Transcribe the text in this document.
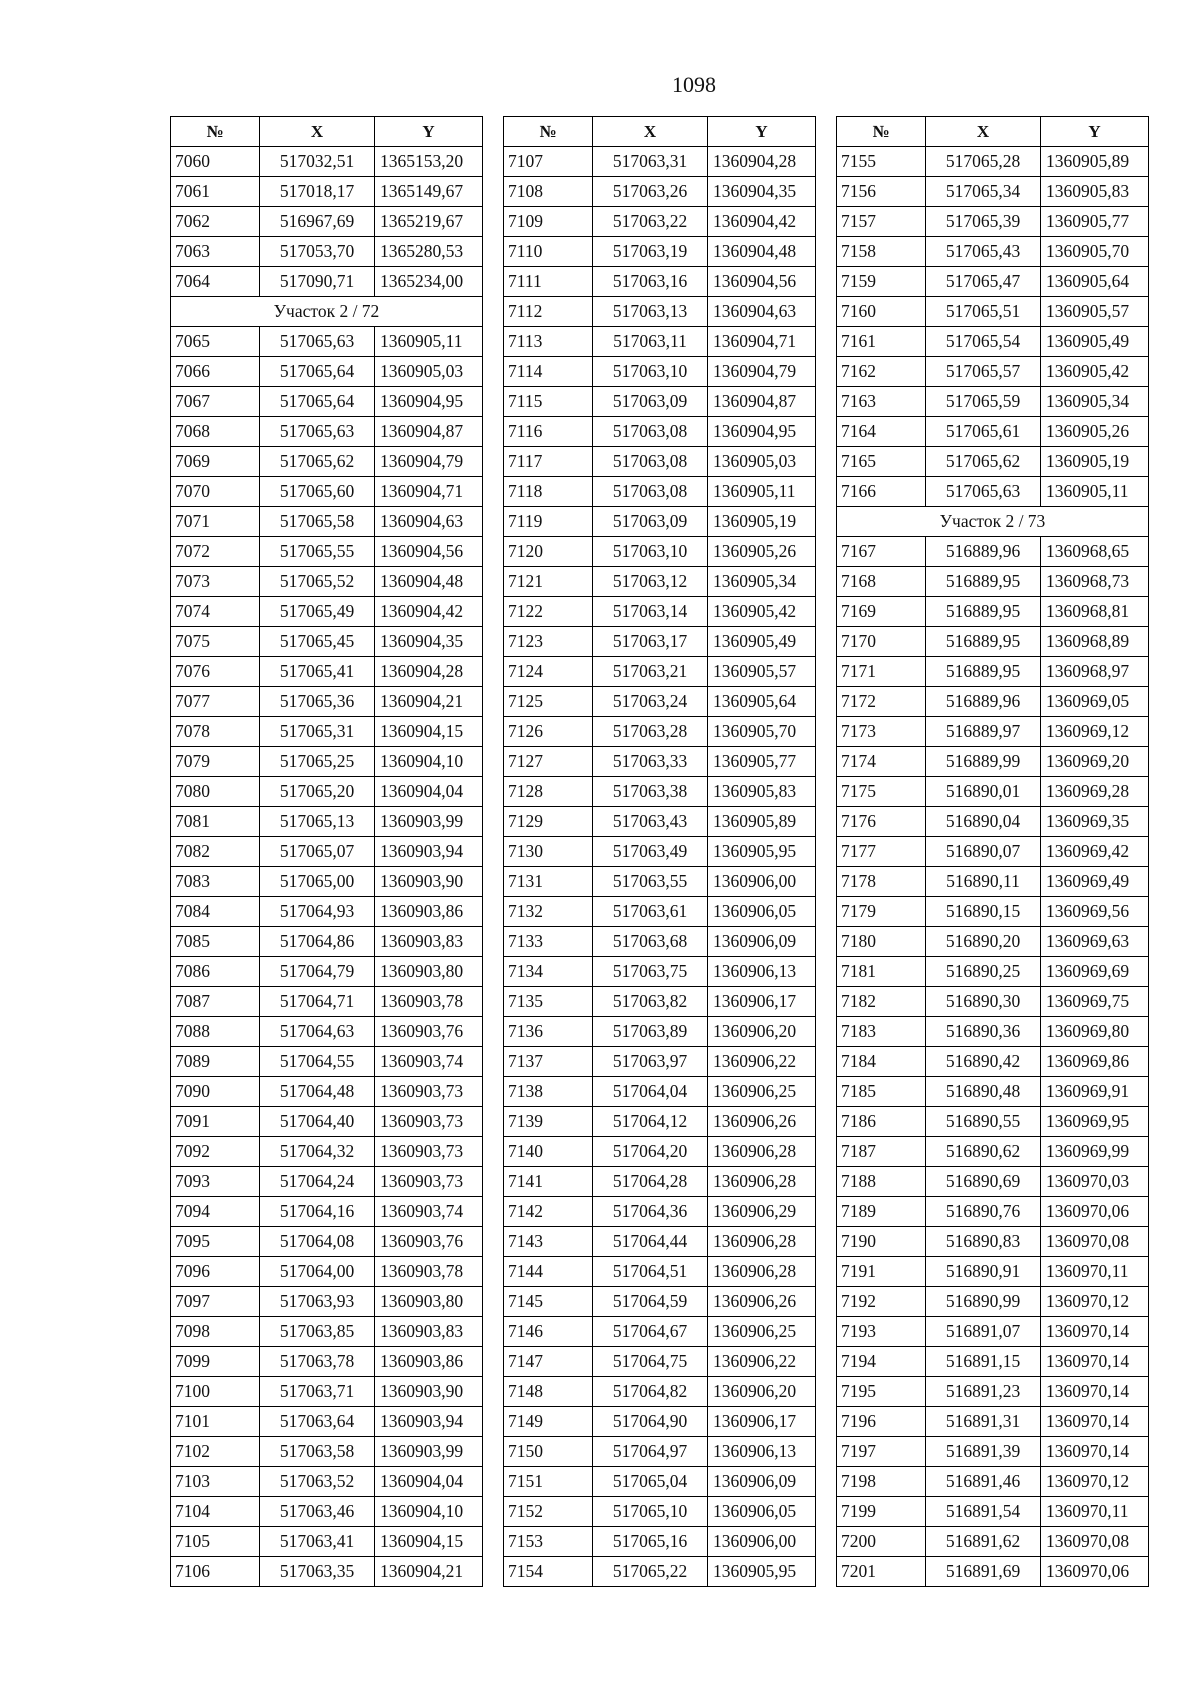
1098
№	X	Y
7060	517032,51	1365153,20
7061	517018,17	1365149,67
7062	516967,69	1365219,67
7063	517053,70	1365280,53
7064	517090,71	1365234,00
Участок 2 / 72		
7065	517065,63	1360905,11
7066	517065,64	1360905,03
7067	517065,64	1360904,95
7068	517065,63	1360904,87
7069	517065,62	1360904,79
7070	517065,60	1360904,71
7071	517065,58	1360904,63
7072	517065,55	1360904,56
7073	517065,52	1360904,48
7074	517065,49	1360904,42
7075	517065,45	1360904,35
7076	517065,41	1360904,28
7077	517065,36	1360904,21
7078	517065,31	1360904,15
7079	517065,25	1360904,10
7080	517065,20	1360904,04
7081	517065,13	1360903,99
7082	517065,07	1360903,94
7083	517065,00	1360903,90
7084	517064,93	1360903,86
7085	517064,86	1360903,83
7086	517064,79	1360903,80
7087	517064,71	1360903,78
7088	517064,63	1360903,76
7089	517064,55	1360903,74
7090	517064,48	1360903,73
7091	517064,40	1360903,73
7092	517064,32	1360903,73
7093	517064,24	1360903,73
7094	517064,16	1360903,74
7095	517064,08	1360903,76
7096	517064,00	1360903,78
7097	517063,93	1360903,80
7098	517063,85	1360903,83
7099	517063,78	1360903,86
7100	517063,71	1360903,90
7101	517063,64	1360903,94
7102	517063,58	1360903,99
7103	517063,52	1360904,04
7104	517063,46	1360904,10
7105	517063,41	1360904,15
7106	517063,35	1360904,21
№	X	Y
7107	517063,31	1360904,28
7108	517063,26	1360904,35
7109	517063,22	1360904,42
7110	517063,19	1360904,48
7111	517063,16	1360904,56
7112	517063,13	1360904,63
7113	517063,11	1360904,71
7114	517063,10	1360904,79
7115	517063,09	1360904,87
7116	517063,08	1360904,95
7117	517063,08	1360905,03
7118	517063,08	1360905,11
7119	517063,09	1360905,19
7120	517063,10	1360905,26
7121	517063,12	1360905,34
7122	517063,14	1360905,42
7123	517063,17	1360905,49
7124	517063,21	1360905,57
7125	517063,24	1360905,64
7126	517063,28	1360905,70
7127	517063,33	1360905,77
7128	517063,38	1360905,83
7129	517063,43	1360905,89
7130	517063,49	1360905,95
7131	517063,55	1360906,00
7132	517063,61	1360906,05
7133	517063,68	1360906,09
7134	517063,75	1360906,13
7135	517063,82	1360906,17
7136	517063,89	1360906,20
7137	517063,97	1360906,22
7138	517064,04	1360906,25
7139	517064,12	1360906,26
7140	517064,20	1360906,28
7141	517064,28	1360906,28
7142	517064,36	1360906,29
7143	517064,44	1360906,28
7144	517064,51	1360906,28
7145	517064,59	1360906,26
7146	517064,67	1360906,25
7147	517064,75	1360906,22
7148	517064,82	1360906,20
7149	517064,90	1360906,17
7150	517064,97	1360906,13
7151	517065,04	1360906,09
7152	517065,10	1360906,05
7153	517065,16	1360906,00
7154	517065,22	1360905,95
№	X	Y
7155	517065,28	1360905,89
7156	517065,34	1360905,83
7157	517065,39	1360905,77
7158	517065,43	1360905,70
7159	517065,47	1360905,64
7160	517065,51	1360905,57
7161	517065,54	1360905,49
7162	517065,57	1360905,42
7163	517065,59	1360905,34
7164	517065,61	1360905,26
7165	517065,62	1360905,19
7166	517065,63	1360905,11
Участок 2 / 73		
7167	516889,96	1360968,65
7168	516889,95	1360968,73
7169	516889,95	1360968,81
7170	516889,95	1360968,89
7171	516889,95	1360968,97
7172	516889,96	1360969,05
7173	516889,97	1360969,12
7174	516889,99	1360969,20
7175	516890,01	1360969,28
7176	516890,04	1360969,35
7177	516890,07	1360969,42
7178	516890,11	1360969,49
7179	516890,15	1360969,56
7180	516890,20	1360969,63
7181	516890,25	1360969,69
7182	516890,30	1360969,75
7183	516890,36	1360969,80
7184	516890,42	1360969,86
7185	516890,48	1360969,91
7186	516890,55	1360969,95
7187	516890,62	1360969,99
7188	516890,69	1360970,03
7189	516890,76	1360970,06
7190	516890,83	1360970,08
7191	516890,91	1360970,11
7192	516890,99	1360970,12
7193	516891,07	1360970,14
7194	516891,15	1360970,14
7195	516891,23	1360970,14
7196	516891,31	1360970,14
7197	516891,39	1360970,14
7198	516891,46	1360970,12
7199	516891,54	1360970,11
7200	516891,62	1360970,08
7201	516891,69	1360970,06
